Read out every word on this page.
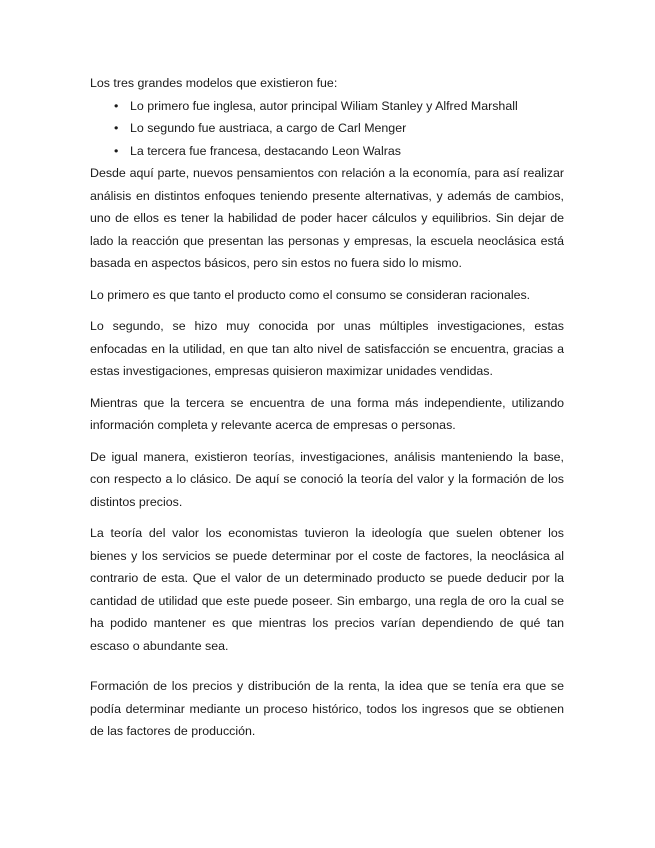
Los tres grandes modelos que existieron fue:

• Lo primero fue inglesa, autor principal Wiliam Stanley y Alfred Marshall
• Lo segundo fue austriaca, a cargo de Carl Menger
• La tercera fue francesa, destacando Leon Walras

Desde aquí parte, nuevos pensamientos con relación a la economía, para así realizar análisis en distintos enfoques teniendo presente alternativas, y además de cambios, uno de ellos es tener la habilidad de poder hacer cálculos y equilibrios. Sin dejar de lado la reacción que presentan las personas y empresas, la escuela neoclásica está basada en aspectos básicos, pero sin estos no fuera sido lo mismo.

Lo primero es que tanto el producto como el consumo se consideran racionales.

Lo segundo, se hizo muy conocida por unas múltiples investigaciones, estas enfocadas en la utilidad, en que tan alto nivel de satisfacción se encuentra, gracias a estas investigaciones, empresas quisieron maximizar unidades vendidas.

Mientras que la tercera se encuentra de una forma más independiente, utilizando información completa y relevante acerca de empresas o personas.

De igual manera, existieron teorías, investigaciones, análisis manteniendo la base, con respecto a lo clásico. De aquí se conoció la teoría del valor y la formación de los distintos precios.

La teoría del valor los economistas tuvieron la ideología que suelen obtener los bienes y los servicios se puede determinar por el coste de factores, la neoclásica al contrario de esta. Que el valor de un determinado producto se puede deducir por la cantidad de utilidad que este puede poseer. Sin embargo, una regla de oro la cual se ha podido mantener es que mientras los precios varían dependiendo de qué tan escaso o abundante sea.

Formación de los precios y distribución de la renta, la idea que se tenía era que se podía determinar mediante un proceso histórico, todos los ingresos que se obtienen de las factores de producción.
